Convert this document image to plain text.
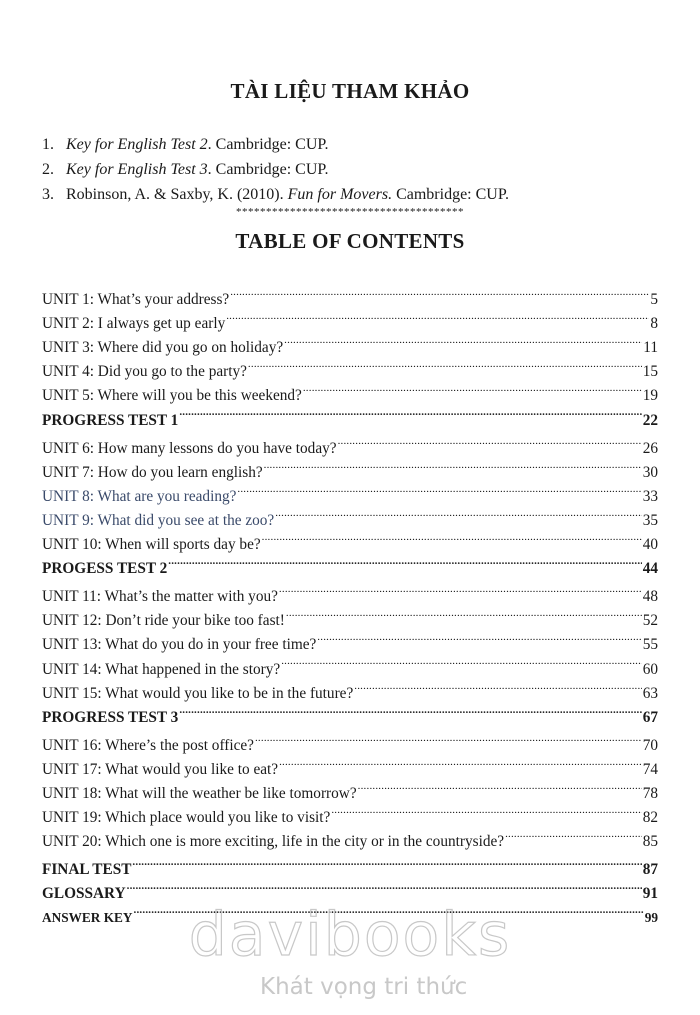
TÀI LIỆU THAM KHẢO
1. Key for English Test 2. Cambridge: CUP.
2. Key for English Test 3. Cambridge: CUP.
3. Robinson, A. & Saxby, K. (2010). Fun for Movers. Cambridge: CUP.
**************************************
TABLE OF CONTENTS
UNIT 1: What’s your address? .....	5
UNIT 2: I always get up early .....	8
UNIT 3: Where did you go on holiday? .....	11
UNIT 4: Did you go to the party? .....	15
UNIT 5: Where will you be this weekend? .....	19
PROGRESS TEST 1 .....	22
UNIT 6: How many lessons do you have today? .....	26
UNIT 7: How do you learn english? .....	30
UNIT 8: What are you reading? .....	33
UNIT 9: What did you see at the zoo? .....	35
UNIT 10: When will sports day be? .....	40
PROGESS TEST 2 .....	44
UNIT 11: What’s the matter with you? .....	48
UNIT 12: Don’t ride your bike too fast! .....	52
UNIT 13: What do you do in your free time? .....	55
UNIT 14: What happened in the story? .....	60
UNIT 15: What would you like to be in the future? .....	63
PROGRESS TEST 3 .....	67
UNIT 16: Where’s the post office? .....	70
UNIT 17: What would you like to eat? .....	74
UNIT 18: What will the weather be like tomorrow? .....	78
UNIT 19: Which place would you like to visit? .....	82
UNIT 20: Which one is more exciting, life in the city or in the countryside? .....	85
FINAL TEST .....	87
GLOSSARY .....	91
ANSWER KEY .....	99
davibooks
Khát vọng tri thức
